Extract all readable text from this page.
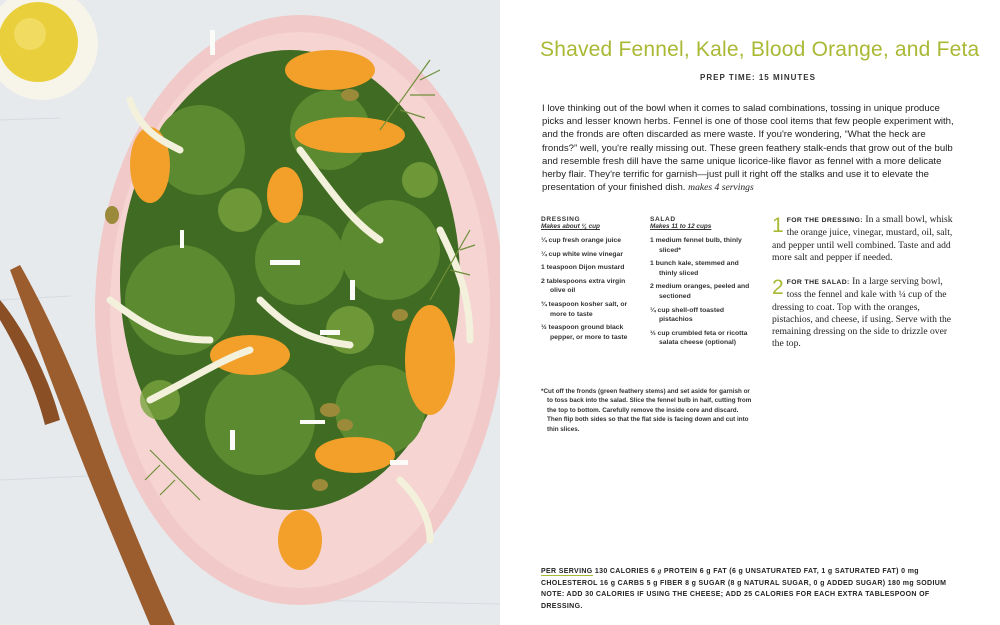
Shaved Fennel, Kale, Blood Orange, and Feta
PREP TIME: 15 MINUTES
I love thinking out of the bowl when it comes to salad combinations, tossing in unique produce picks and lesser known herbs. Fennel is one of those cool items that few people experiment with, and the fronds are often discarded as mere waste. If you're wondering, “What the heck are fronds?” well, you're really missing out. These green feathery stalk-ends that grow out of the bulb and resemble fresh dill have the same unique licorice-like flavor as fennel with a more delicate herby flair. They're terrific for garnish—just pull it right off the stalks and use it to elevate the presentation of your finished dish. makes 4 servings
DRESSING
Makes about ¼ cup
¼ cup fresh orange juice
¼ cup white wine vinegar
1 teaspoon Dijon mustard
2 tablespoons extra virgin olive oil
¾ teaspoon kosher salt, or more to taste
½ teaspoon ground black pepper, or more to taste
SALAD
Makes 11 to 12 cups
1 medium fennel bulb, thinly sliced*
1 bunch kale, stemmed and thinly sliced
2 medium oranges, peeled and sectioned
¼ cup shell-off toasted pistachios
⅓ cup crumbled feta or ricotta salata cheese (optional)
*Cut off the fronds (green feathery stems) and set aside for garnish or to toss back into the salad. Slice the fennel bulb in half, cutting from the top to bottom. Carefully remove the inside core and discard. Then flip both sides so that the flat side is facing down and cut into thin slices.
1 FOR THE DRESSING: In a small bowl, whisk the orange juice, vinegar, mustard, oil, salt, and pepper until well combined. Taste and add more salt and pepper if needed.
2 FOR THE SALAD: In a large serving bowl, toss the fennel and kale with ¼ cup of the dressing to coat. Top with the oranges, pistachios, and cheese, if using. Serve with the remaining dressing on the side to drizzle over the top.
PER SERVING 130 CALORIES 6 g PROTEIN 6 g FAT (6 g UNSATURATED FAT, 1 g SATURATED FAT) 0 mg CHOLESTEROL 16 g CARBS 5 g FIBER 8 g SUGAR (8 g NATURAL SUGAR, 0 g ADDED SUGAR) 180 mg SODIUM
NOTE: ADD 30 CALORIES IF USING THE CHEESE; ADD 25 CALORIES FOR EACH EXTRA TABLESPOON OF DRESSING.
